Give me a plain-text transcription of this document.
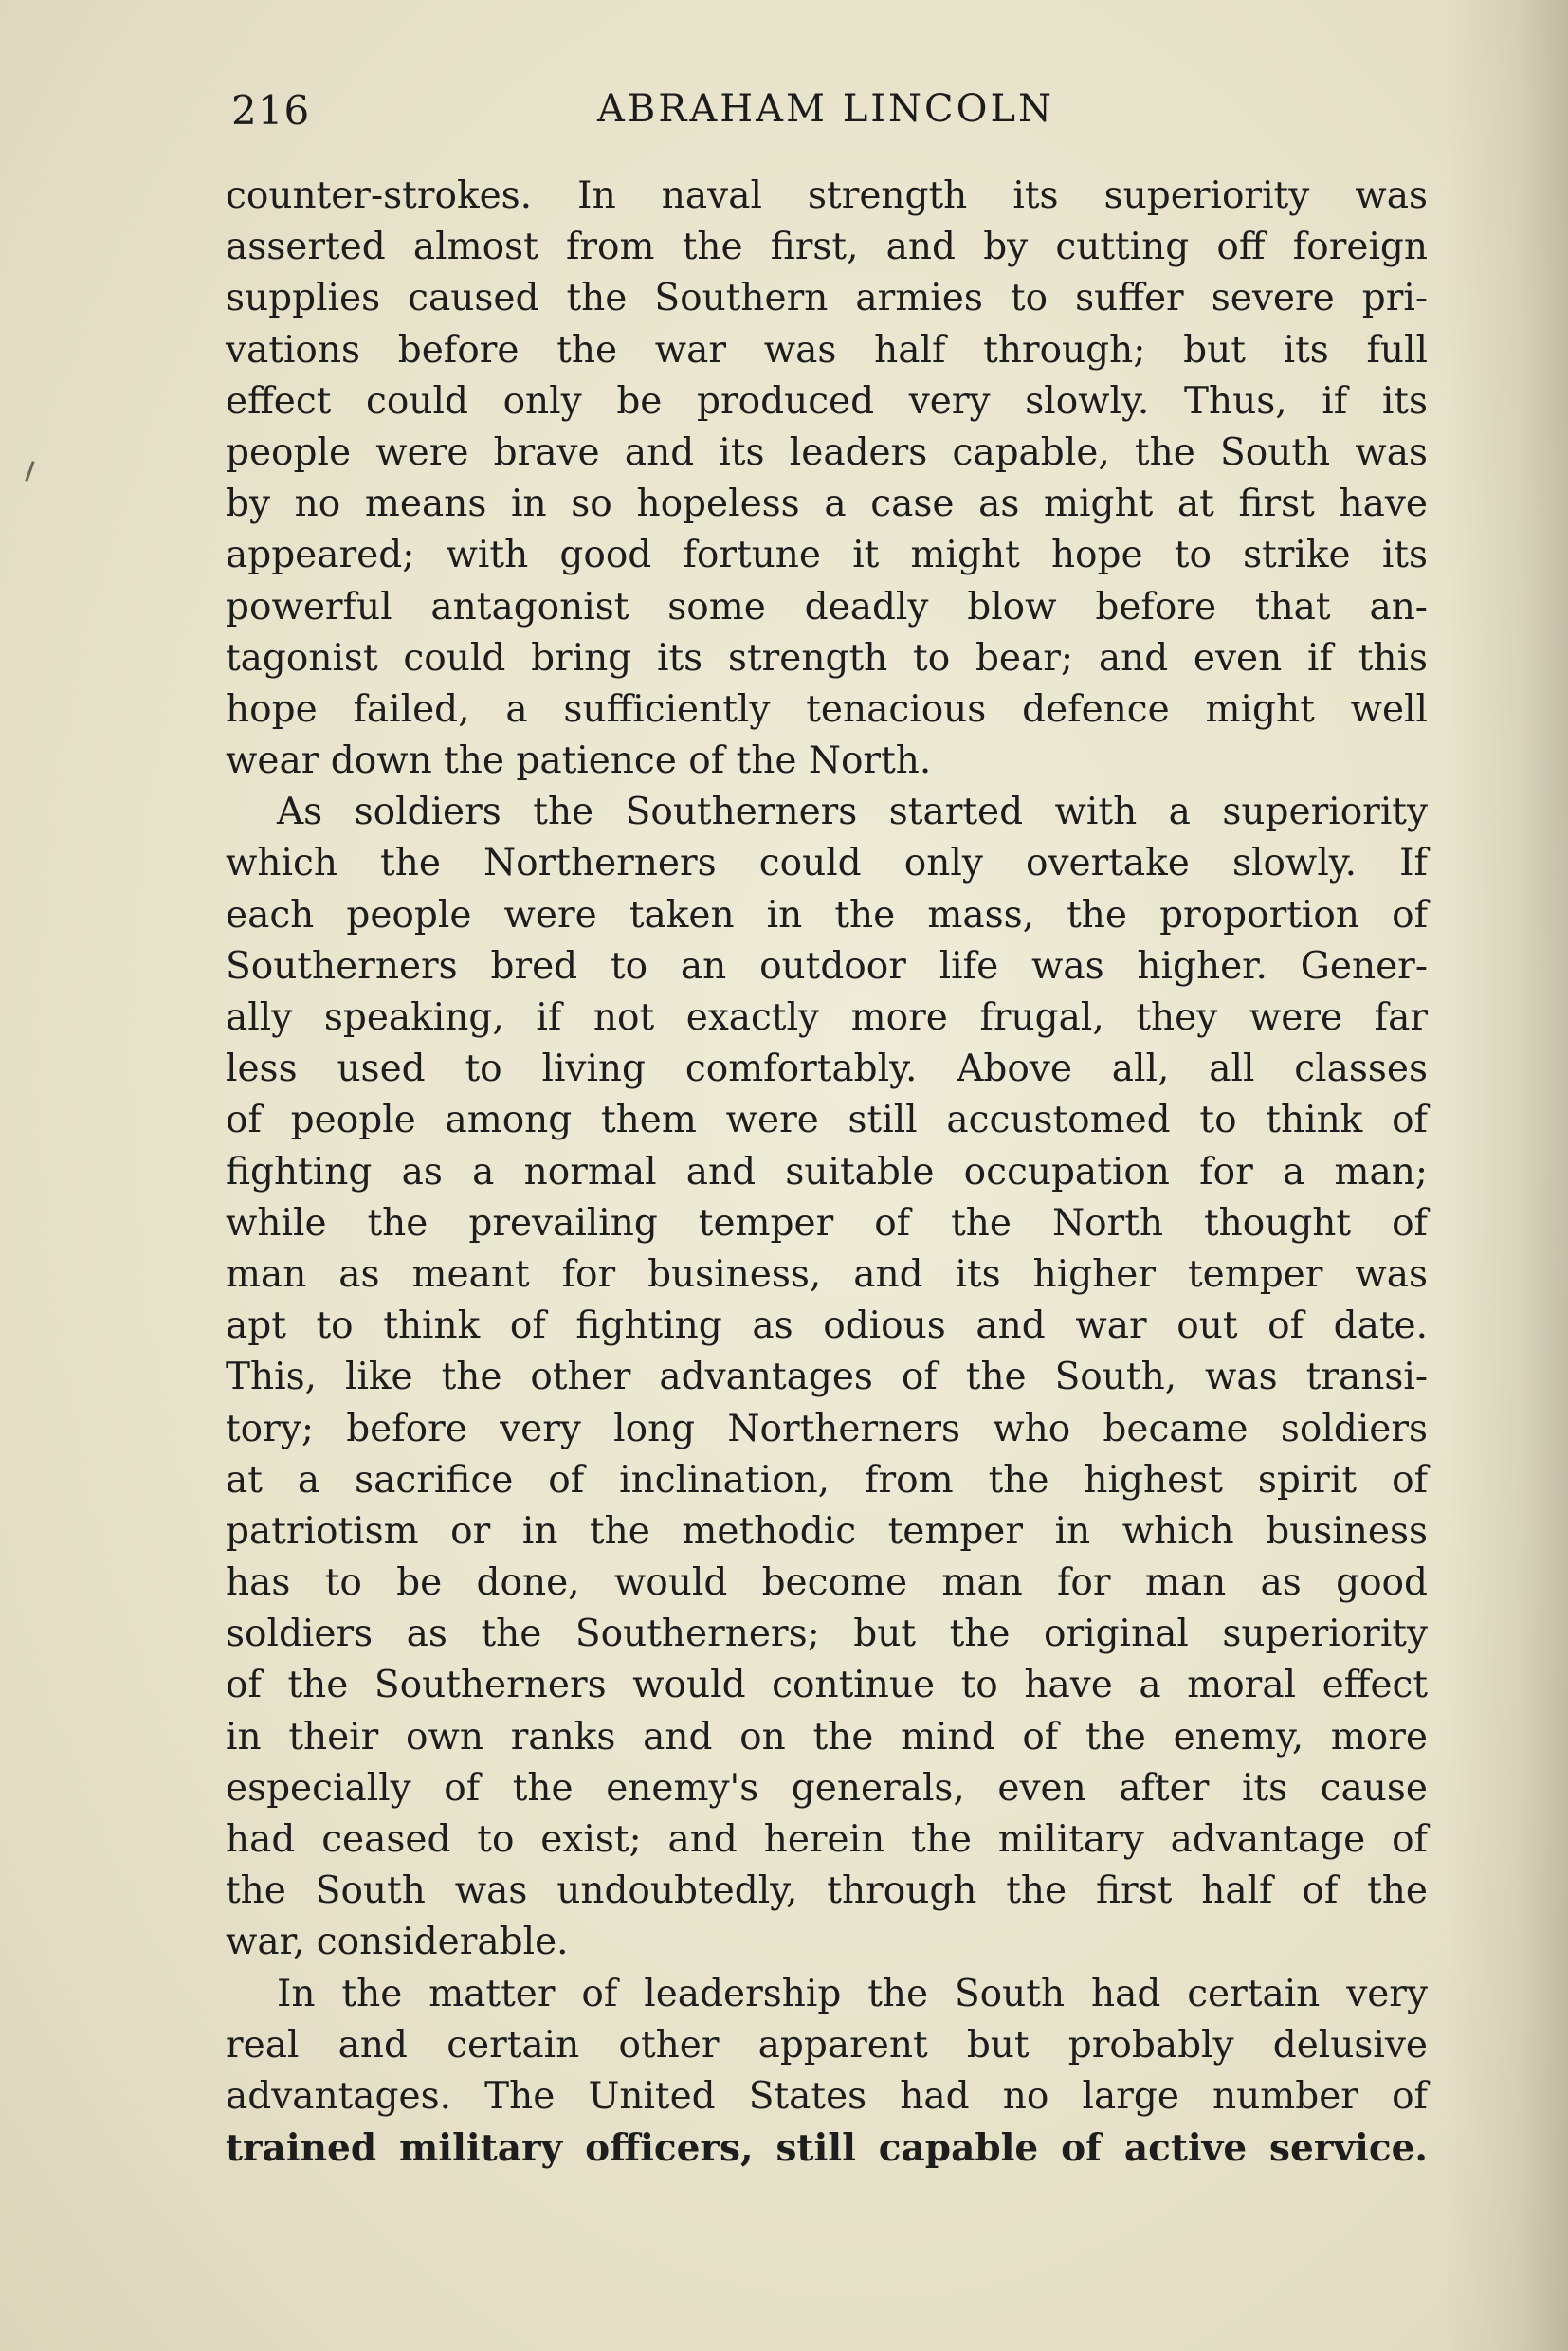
216	ABRAHAM LINCOLN
counter-strokes. In naval strength its superiority was
asserted almost from the first, and by cutting off foreign
supplies caused the Southern armies to suffer severe pri-
vations before the war was half through; but its full
effect could only be produced very slowly. Thus, if its
people were brave and its leaders capable, the South was
by no means in so hopeless a case as might at first have
appeared; with good fortune it might hope to strike its
powerful antagonist some deadly blow before that an-
tagonist could bring its strength to bear; and even if this
hope failed, a sufficiently tenacious defence might well
wear down the patience of the North.
As soldiers the Southerners started with a superiority
which the Northerners could only overtake slowly. If
each people were taken in the mass, the proportion of
Southerners bred to an outdoor life was higher. Gener-
ally speaking, if not exactly more frugal, they were far
less used to living comfortably. Above all, all classes
of people among them were still accustomed to think of
fighting as a normal and suitable occupation for a man;
while the prevailing temper of the North thought of
man as meant for business, and its higher temper was
apt to think of fighting as odious and war out of date.
This, like the other advantages of the South, was transi-
tory; before very long Northerners who became soldiers
at a sacrifice of inclination, from the highest spirit of
patriotism or in the methodic temper in which business
has to be done, would become man for man as good
soldiers as the Southerners; but the original superiority
of the Southerners would continue to have a moral effect
in their own ranks and on the mind of the enemy, more
especially of the enemy's generals, even after its cause
had ceased to exist; and herein the military advantage of
the South was undoubtedly, through the first half of the
war, considerable.
In the matter of leadership the South had certain very
real and certain other apparent but probably delusive
advantages. The United States had no large number of
trained military officers, still capable of active service.
